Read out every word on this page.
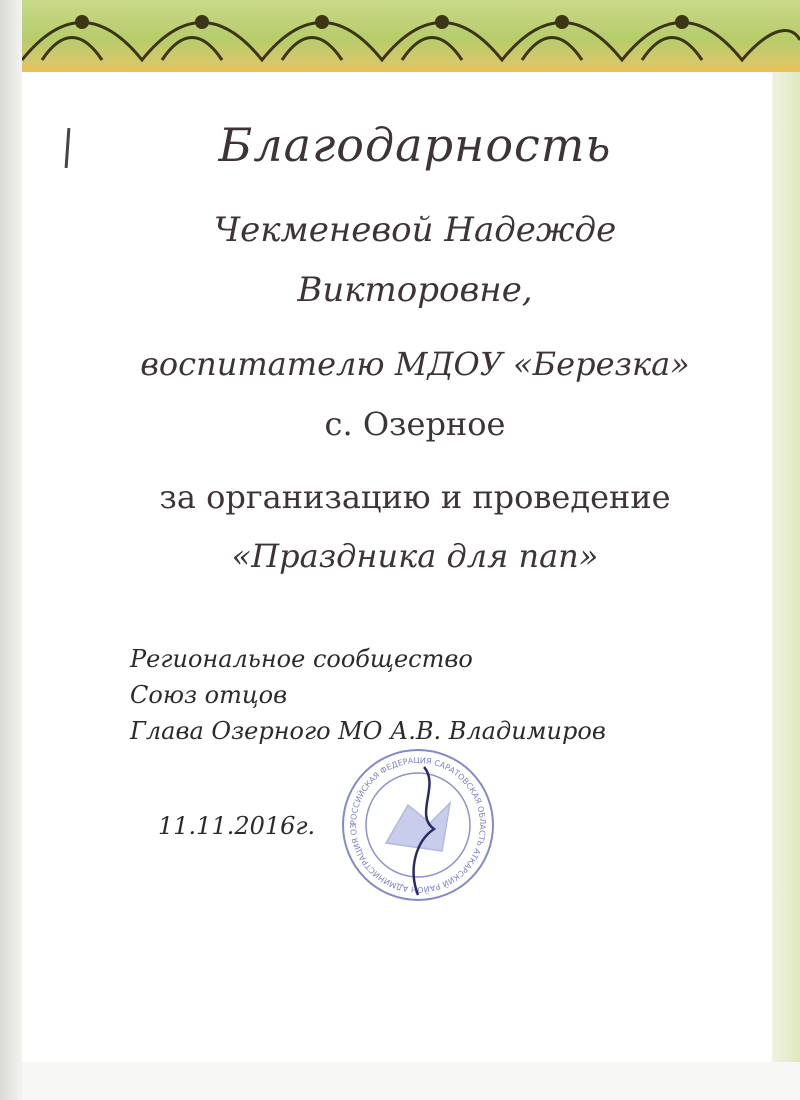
Благодарность
Чекменевой Надежде
Викторовне,
воспитателю МДОУ «Березка»
с. Озерное
за организацию и проведение
«Праздника для пап»
Региональное сообщество
Союз отцов
Глава Озерного МО А.В. Владимиров
11.11.2016г.	РОССИЙСКАЯ ФЕДЕРАЦИЯ САРАТОВСКАЯ ОБЛАСТЬ АТКАРСКИЙ РАЙОН АДМИНИСТРАЦИЯ ОЗ
